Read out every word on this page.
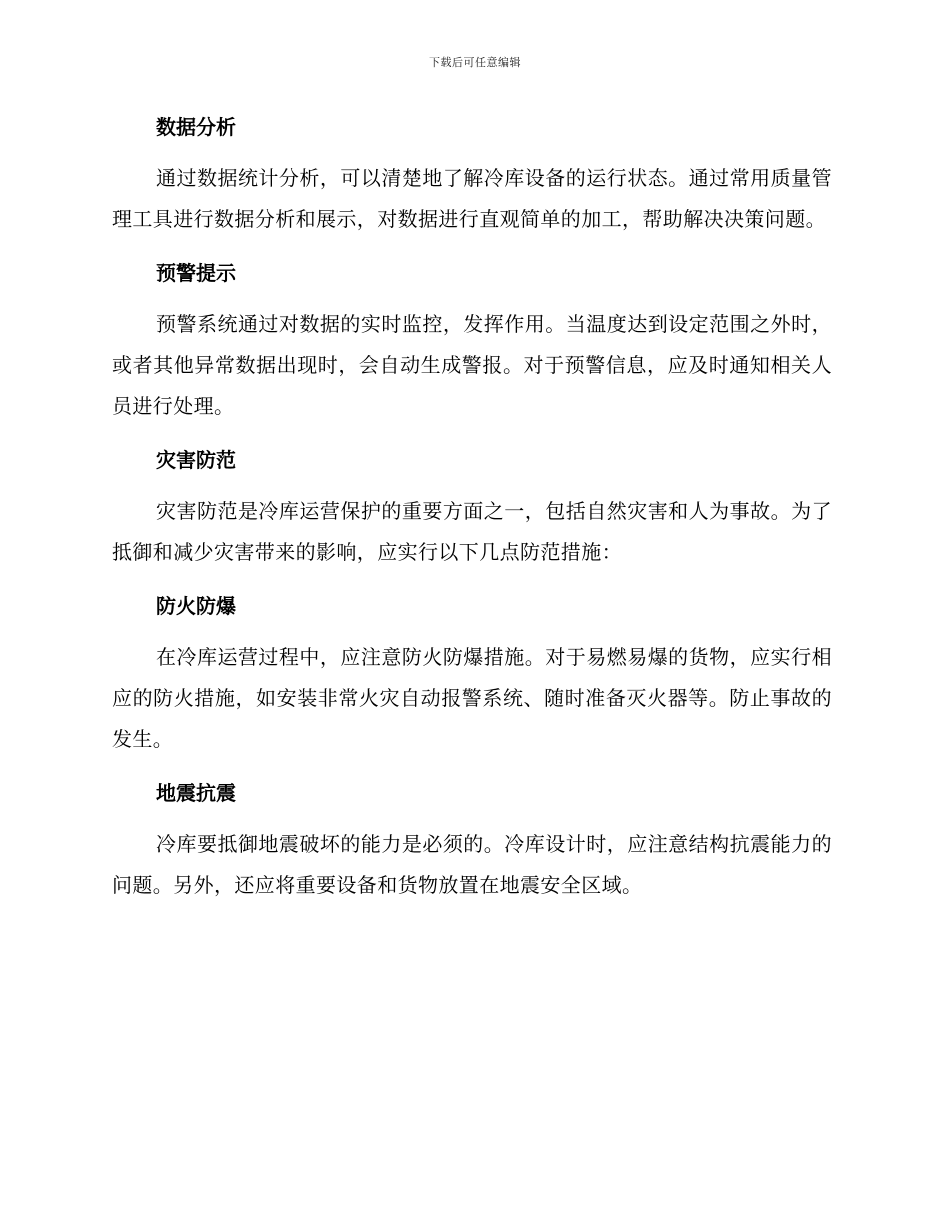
下载后可任意编辑
数据分析

通过数据统计分析，可以清楚地了解冷库设备的运行状态。通过常用质量管理工具进行数据分析和展示，对数据进行直观简单的加工，帮助解决决策问题。

预警提示

预警系统通过对数据的实时监控，发挥作用。当温度达到设定范围之外时，或者其他异常数据出现时，会自动生成警报。对于预警信息，应及时通知相关人员进行处理。

灾害防范

灾害防范是冷库运营保护的重要方面之一，包括自然灾害和人为事故。为了抵御和减少灾害带来的影响，应实行以下几点防范措施：

防火防爆

在冷库运营过程中，应注意防火防爆措施。对于易燃易爆的货物，应实行相应的防火措施，如安装非常火灾自动报警系统、随时准备灭火器等。防止事故的发生。

地震抗震

冷库要抵御地震破坏的能力是必须的。冷库设计时，应注意结构抗震能力的问题。另外，还应将重要设备和货物放置在地震安全区域。
